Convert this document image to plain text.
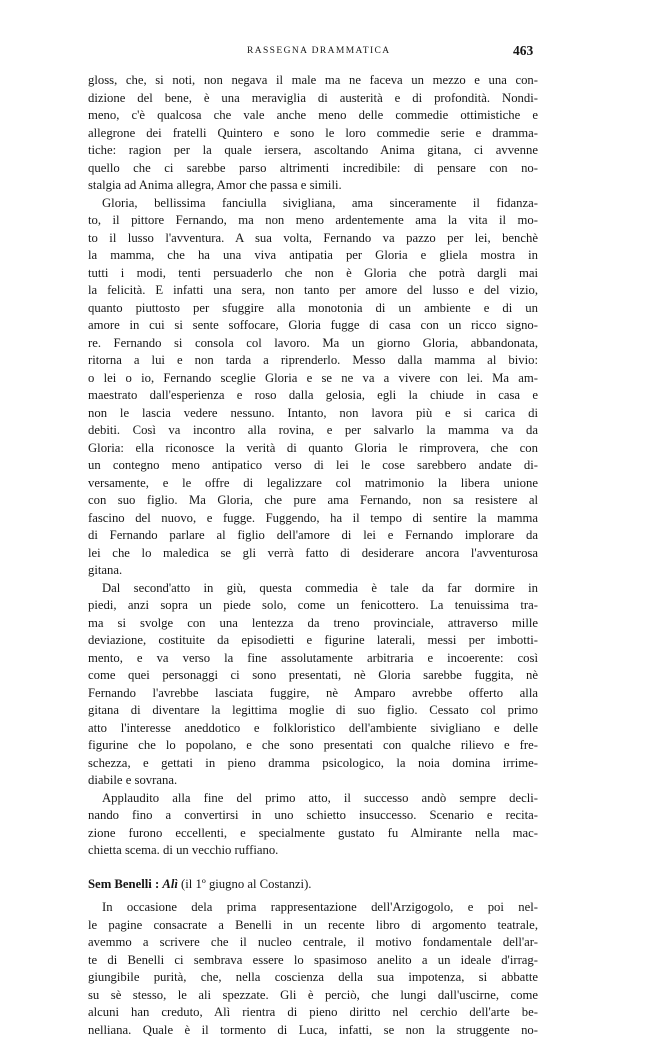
RASSEGNA DRAMMATICA	463
gloss, che, si noti, non negava il male ma ne faceva un mezzo e una con-
dizione del bene, è una meraviglia di austerità e di profondità. Nondi-
meno, c'è qualcosa che vale anche meno delle commedie ottimistiche e
allegrone dei fratelli Quintero e sono le loro commedie serie e dramma-
tiche: ragion per la quale iersera, ascoltando Anima gitana, ci avvenne
quello che ci sarebbe parso altrimenti incredibile: di pensare con no-
stalgia ad Anima allegra, Amor che passa e simili.
Gloria, bellissima fanciulla sivigliana, ama sinceramente il fidanza-
to, il pittore Fernando, ma non meno ardentemente ama la vita il mo-
to il lusso l'avventura. A sua volta, Fernando va pazzo per lei, benchè
la mamma, che ha una viva antipatia per Gloria e gliela mostra in
tutti i modi, tenti persuaderlo che non è Gloria che potrà dargli mai
la felicità. E infatti una sera, non tanto per amore del lusso e del vizio,
quanto piuttosto per sfuggire alla monotonia di un ambiente e di un
amore in cui si sente soffocare, Gloria fugge di casa con un ricco signo-
re. Fernando si consola col lavoro. Ma un giorno Gloria, abbandonata,
ritorna a lui e non tarda a riprenderlo. Messo dalla mamma al bivio:
o lei o io, Fernando sceglie Gloria e se ne va a vivere con lei. Ma am-
maestrato dall'esperienza e roso dalla gelosia, egli la chiude in casa e
non le lascia vedere nessuno. Intanto, non lavora più e si carica di
debiti. Così va incontro alla rovina, e per salvarlo la mamma va da
Gloria: ella riconosce la verità di quanto Gloria le rimprovera, che con
un contegno meno antipatico verso di lei le cose sarebbero andate di-
versamente, e le offre di legalizzare col matrimonio la libera unione
con suo figlio. Ma Gloria, che pure ama Fernando, non sa resistere al
fascino del nuovo, e fugge. Fuggendo, ha il tempo di sentire la mamma
di Fernando parlare al figlio dell'amore di lei e Fernando implorare da
lei che lo maledica se gli verrà fatto di desiderare ancora l'avventurosa
gitana.
Dal second'atto in giù, questa commedia è tale da far dormire in
piedi, anzi sopra un piede solo, come un fenicottero. La tenuissima tra-
ma si svolge con una lentezza da treno provinciale, attraverso mille
deviazione, costituite da episodietti e figurine laterali, messi per imbotti-
mento, e va verso la fine assolutamente arbitraria e incoerente: così
come quei personaggi ci sono presentati, nè Gloria sarebbe fuggita, nè
Fernando l'avrebbe lasciata fuggire, nè Amparo avrebbe offerto alla
gitana di diventare la legittima moglie di suo figlio. Cessato col primo
atto l'interesse aneddotico e folkloristico dell'ambiente sivigliano e delle
figurine che lo popolano, e che sono presentati con qualche rilievo e fre-
schezza, e gettati in pieno dramma psicologico, la noia domina irrime-
diabile e sovrana.
Applaudito alla fine del primo atto, il successo andò sempre decli-
nando fino a convertirsi in uno schietto insuccesso. Scenario e recita-
zione furono eccellenti, e specialmente gustato fu Almirante nella mac-
chietta scema. di un vecchio ruffiano.
Sem Benelli : Alì (il 1º giugno al Costanzi).
In occasione dela prima rappresentazione dell'Arzigogolo, e poi nel-
le pagine consacrate a Benelli in un recente libro di argomento teatrale,
avemmo a scrivere che il nucleo centrale, il motivo fondamentale dell'ar-
te di Benelli ci sembrava essere lo spasimoso anelito a un ideale d'irrag-
giungibile purità, che, nella coscienza della sua impotenza, si abbatte
su sè stesso, le ali spezzate. Gli è perciò, che lungi dall'uscirne, come
alcuni han creduto, Alì rientra di pieno diritto nel cerchio dell'arte be-
nelliana. Quale è il tormento di Luca, infatti, se non la struggente no-
